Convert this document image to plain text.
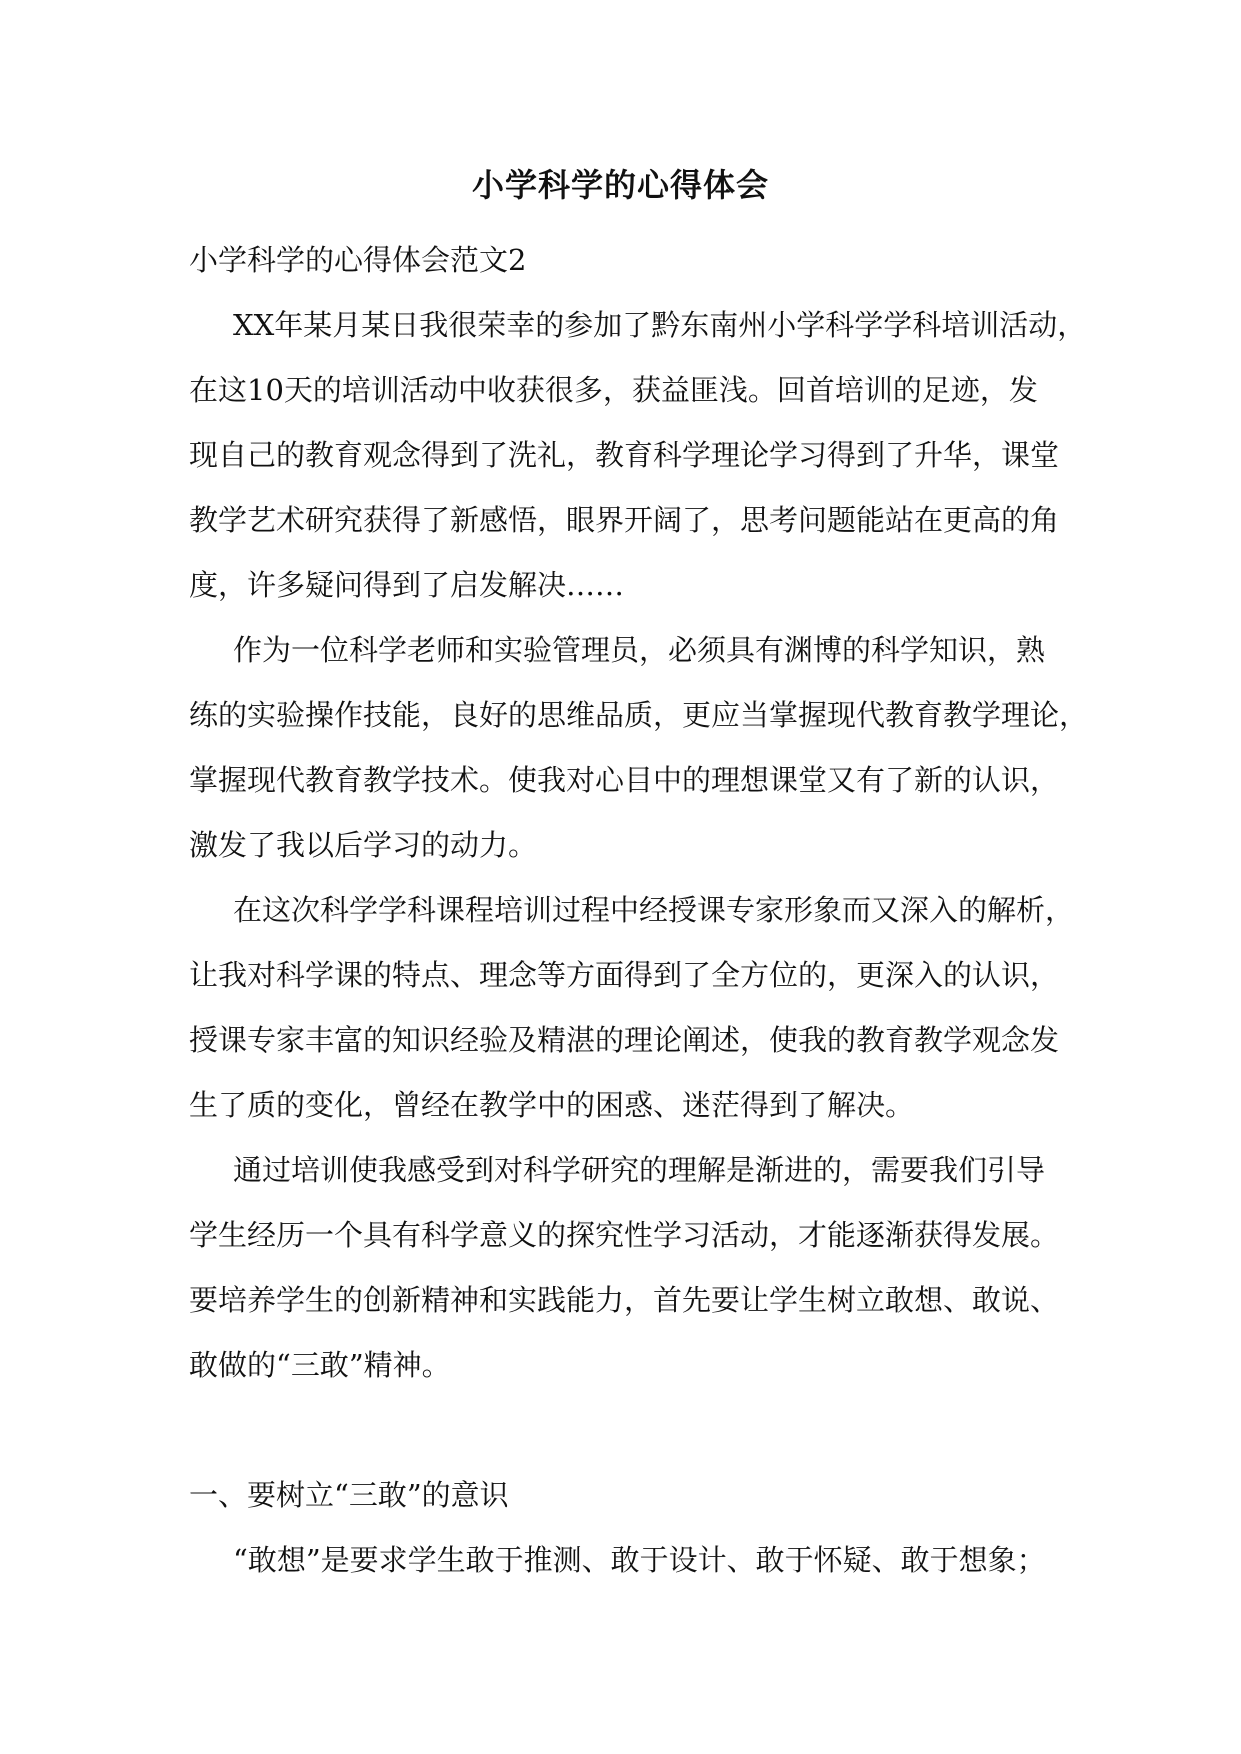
小学科学的心得体会
小学科学的心得体会范文2
XX年某月某日我很荣幸的参加了黔东南州小学科学学科培训活动，
在这10天的培训活动中收获很多，获益匪浅。回首培训的足迹，发
现自己的教育观念得到了洗礼，教育科学理论学习得到了升华，课堂
教学艺术研究获得了新感悟，眼界开阔了，思考问题能站在更高的角
度，许多疑问得到了启发解决……
作为一位科学老师和实验管理员，必须具有渊博的科学知识，熟
练的实验操作技能，良好的思维品质，更应当掌握现代教育教学理论，
掌握现代教育教学技术。使我对心目中的理想课堂又有了新的认识，
激发了我以后学习的动力。
在这次科学学科课程培训过程中经授课专家形象而又深入的解析，
让我对科学课的特点、理念等方面得到了全方位的，更深入的认识，
授课专家丰富的知识经验及精湛的理论阐述，使我的教育教学观念发
生了质的变化，曾经在教学中的困惑、迷茫得到了解决。
通过培训使我感受到对科学研究的理解是渐进的，需要我们引导
学生经历一个具有科学意义的探究性学习活动，才能逐渐获得发展。
要培养学生的创新精神和实践能力，首先要让学生树立敢想、敢说、
敢做的“三敢”精神。
一、要树立“三敢”的意识
“敢想”是要求学生敢于推测、敢于设计、敢于怀疑、敢于想象；
